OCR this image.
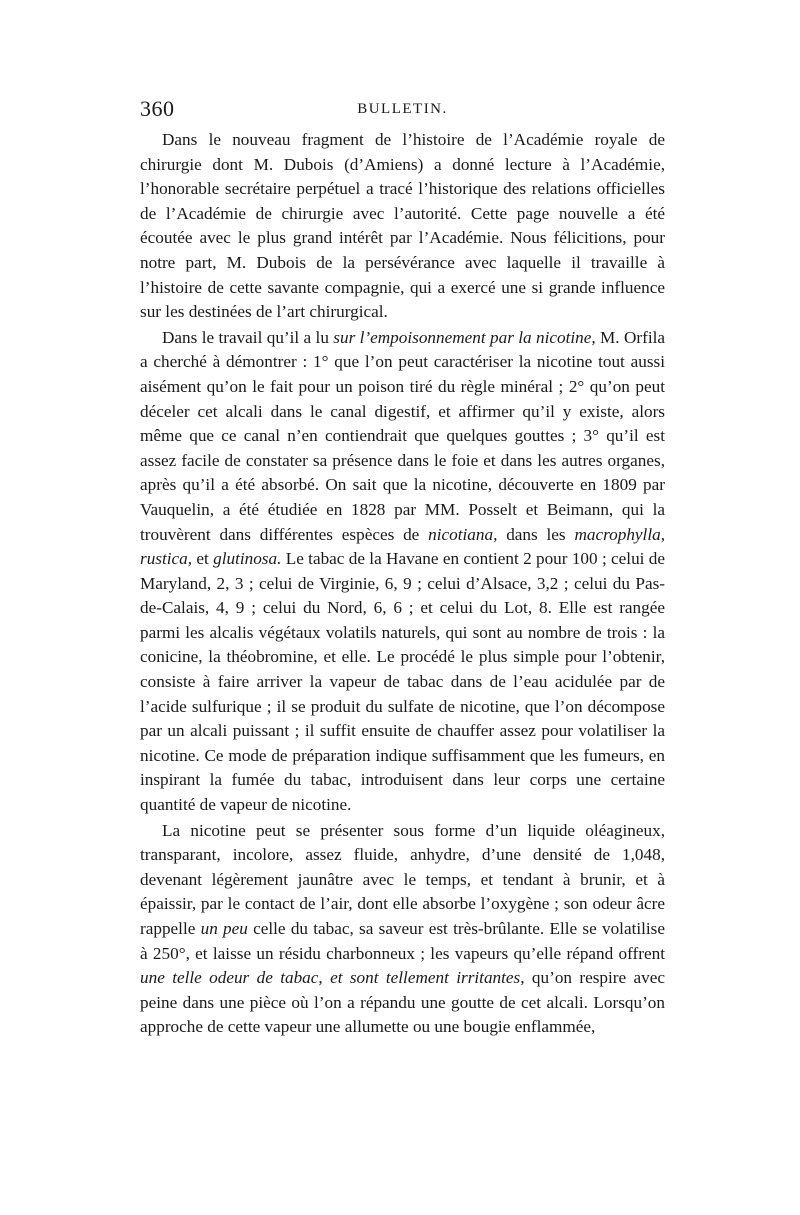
360	BULLETIN.

Dans le nouveau fragment de l’histoire de l’Académie royale de chirurgie dont M. Dubois (d’Amiens) a donné lecture à l’Académie, l’honorable secrétaire perpétuel a tracé l’historique des relations officielles de l’Académie de chirurgie avec l’autorité. Cette page nouvelle a été écoutée avec le plus grand intérêt par l’Académie. Nous félicitions, pour notre part, M. Dubois de la persévérance avec laquelle il travaille à l’histoire de cette savante compagnie, qui a exercé une si grande influence sur les destinées de l’art chirurgical.

Dans le travail qu’il a lu sur l’empoisonnement par la nicotine, M. Orfila a cherché à démontrer : 1° que l’on peut caractériser la nicotine tout aussi aisément qu’on le fait pour un poison tiré du règle minéral ; 2° qu’on peut déceler cet alcali dans le canal digestif, et affirmer qu’il y existe, alors même que ce canal n’en contiendrait que quelques gouttes ; 3° qu’il est assez facile de constater sa présence dans le foie et dans les autres organes, après qu’il a été absorbé. On sait que la nicotine, découverte en 1809 par Vauquelin, a été étudiée en 1828 par MM. Posselt et Beimann, qui la trouvèrent dans différentes espèces de nicotiana, dans les macrophylla, rustica, et glutinosa. Le tabac de la Havane en contient 2 pour 100 ; celui de Maryland, 2, 3 ; celui de Virginie, 6, 9 ; celui d’Alsace, 3,2 ; celui du Pas-de-Calais, 4, 9 ; celui du Nord, 6, 6 ; et celui du Lot, 8. Elle est rangée parmi les alcalis végétaux volatils naturels, qui sont au nombre de trois : la conicine, la théobromine, et elle. Le procédé le plus simple pour l’obtenir, consiste à faire arriver la vapeur de tabac dans de l’eau acidulée par de l’acide sulfurique ; il se produit du sulfate de nicotine, que l’on décompose par un alcali puissant ; il suffit ensuite de chauffer assez pour volatiliser la nicotine. Ce mode de préparation indique suffisamment que les fumeurs, en inspirant la fumée du tabac, introduisent dans leur corps une certaine quantité de vapeur de nicotine.

La nicotine peut se présenter sous forme d’un liquide oléagineux, transparant, incolore, assez fluide, anhydre, d’une densité de 1,048, devenant légèrement jaunâtre avec le temps, et tendant à brunir, et à épaissir, par le contact de l’air, dont elle absorbe l’oxygène ; son odeur âcre rappelle un peu celle du tabac, sa saveur est très-brûlante. Elle se volatilise à 250°, et laisse un résidu charbonneux ; les vapeurs qu’elle répand offrent une telle odeur de tabac, et sont tellement irritantes, qu’on respire avec peine dans une pièce où l’on a répandu une goutte de cet alcali. Lorsqu’on approche de cette vapeur une allumette ou une bougie enflammée,
